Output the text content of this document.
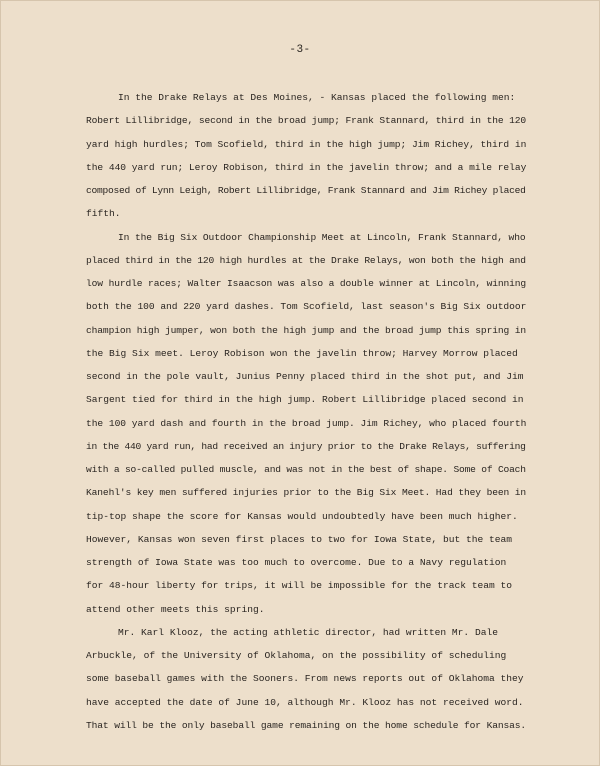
-3-
In the Drake Relays at Des Moines, - Kansas placed the following men:
Robert Lillibridge, second in the broad jump; Frank Stannard, third in the 120
yard high hurdles; Tom Scofield, third in the high jump; Jim Richey, third in
the 440 yard run; Leroy Robison, third in the javelin throw; and a mile relay
composed of Lynn Leigh, Robert Lillibridge, Frank Stannard and Jim Richey placed
fifth.
In the Big Six Outdoor Championship Meet at Lincoln, Frank Stannard, who
placed third in the 120 high hurdles at the Drake Relays, won both the high and
low hurdle races; Walter Isaacson was also a double winner at Lincoln, winning
both the 100 and 220 yard dashes. Tom Scofield, last season's Big Six outdoor
champion high jumper, won both the high jump and the broad jump this spring in
the Big Six meet. Leroy Robison won the javelin throw; Harvey Morrow placed
second in the pole vault, Junius Penny placed third in the shot put, and Jim
Sargent tied for third in the high jump. Robert Lillibridge placed second in
the 100 yard dash and fourth in the broad jump. Jim Richey, who placed fourth
in the 440 yard run, had received an injury prior to the Drake Relays, suffering
with a so-called pulled muscle, and was not in the best of shape. Some of Coach
Kanehl's key men suffered injuries prior to the Big Six Meet. Had they been in
tip-top shape the score for Kansas would undoubtedly have been much higher.
However, Kansas won seven first places to two for Iowa State, but the team
strength of Iowa State was too much to overcome. Due to a Navy regulation
for 48-hour liberty for trips, it will be impossible for the track team to
attend other meets this spring.
Mr. Karl Klooz, the acting athletic director, had written Mr. Dale
Arbuckle, of the University of Oklahoma, on the possibility of scheduling
some baseball games with the Sooners. From news reports out of Oklahoma they
have accepted the date of June 10, although Mr. Klooz has not received word.
That will be the only baseball game remaining on the home schedule for Kansas.
